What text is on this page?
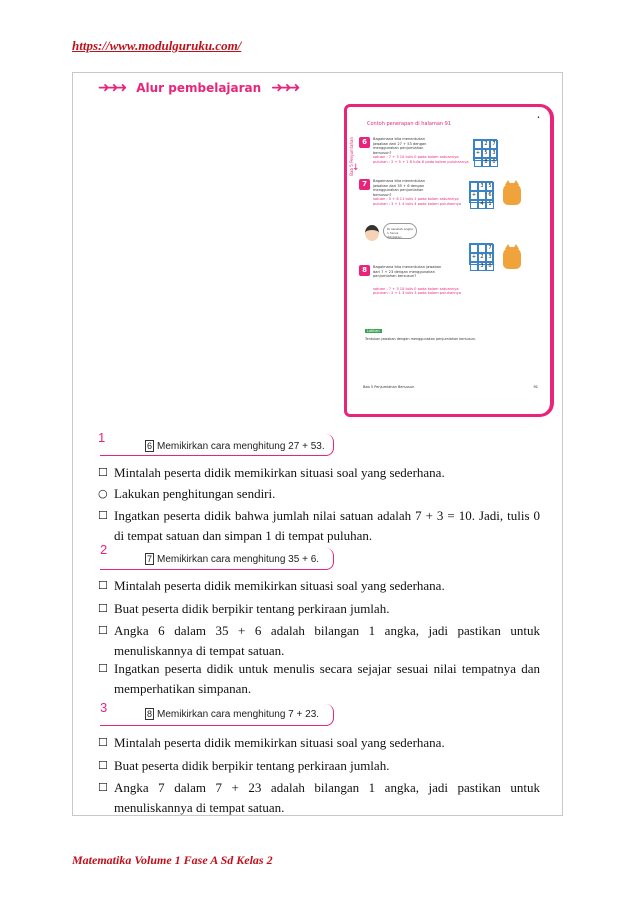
https://www.modulguruku.com/
➜➜➜ Alur pembelajaran ➜➜➜
Bab 5 Penjumlahan
↓
Contoh penerapan di halaman 91
•
6	Bagaimana kita menentukan
jawaban dari 27 + 53 dengan
menggunakan penjumlahan
bersusun?
satuan : 7 + 3 10 tulis 0 pada kolom satuannya
puluhan : 2 + 5 + 1 8 tulis 8 pada kolom puluhannya
2 7
+ 5 3
8 0
7	Bagaimana kita menentukan
jawaban dari 35 + 6 dengan
menggunakan penjumlahan
bersusun?
satuan : 5 + 6 11 tulis 1 pada kolom satuannya
puluhan : 3 + 1 4 tulis 4 pada kolom puluhannya
3 5
+	6
4 1
Di sanalah angka 1 harus dituliskan
8	Bagaimana kita menentukan jawaban
dari 7 + 23 dengan menggunakan
penjumlahan bersusun?
satuan : 7 + 3 10 tulis 0 pada kolom satuannya
puluhan : 2 + 1 3 tulis 3 pada kolom puluhannya
7
+ 2 3
3 0
Latihan
Tentukan jawaban dengan menggunakan penjumlahan bersusun.
Bab 5 Penjumlahan Bersusun	91
1
6 Memikirkan cara menghitung 27 + 53.
☐ Mintalah peserta didik memikirkan situasi soal yang sederhana.
○ Lakukan penghitungan sendiri.
☐ Ingatkan peserta didik bahwa jumlah nilai satuan adalah 7 + 3 = 10. Jadi, tulis 0 di tempat satuan dan simpan 1 di tempat puluhan.
2
7 Memikirkan cara menghitung 35 + 6.
☐ Mintalah peserta didik memikirkan situasi soal yang sederhana.
☐ Buat peserta didik berpikir tentang perkiraan jumlah.
☐ Angka 6 dalam 35 + 6 adalah bilangan 1 angka, jadi pastikan untuk menuliskannya di tempat satuan.
☐ Ingatkan peserta didik untuk menulis secara sejajar sesuai nilai tempatnya dan memperhatikan simpanan.
3	8 Memikirkan cara menghitung 7 + 23.
☐ Mintalah peserta didik memikirkan situasi soal yang sederhana.
☐ Buat peserta didik berpikir tentang perkiraan jumlah.
☐ Angka 7 dalam 7 + 23 adalah bilangan 1 angka, jadi pastikan untuk menuliskannya di tempat satuan.
Matematika Volume 1 Fase A Sd Kelas 2
